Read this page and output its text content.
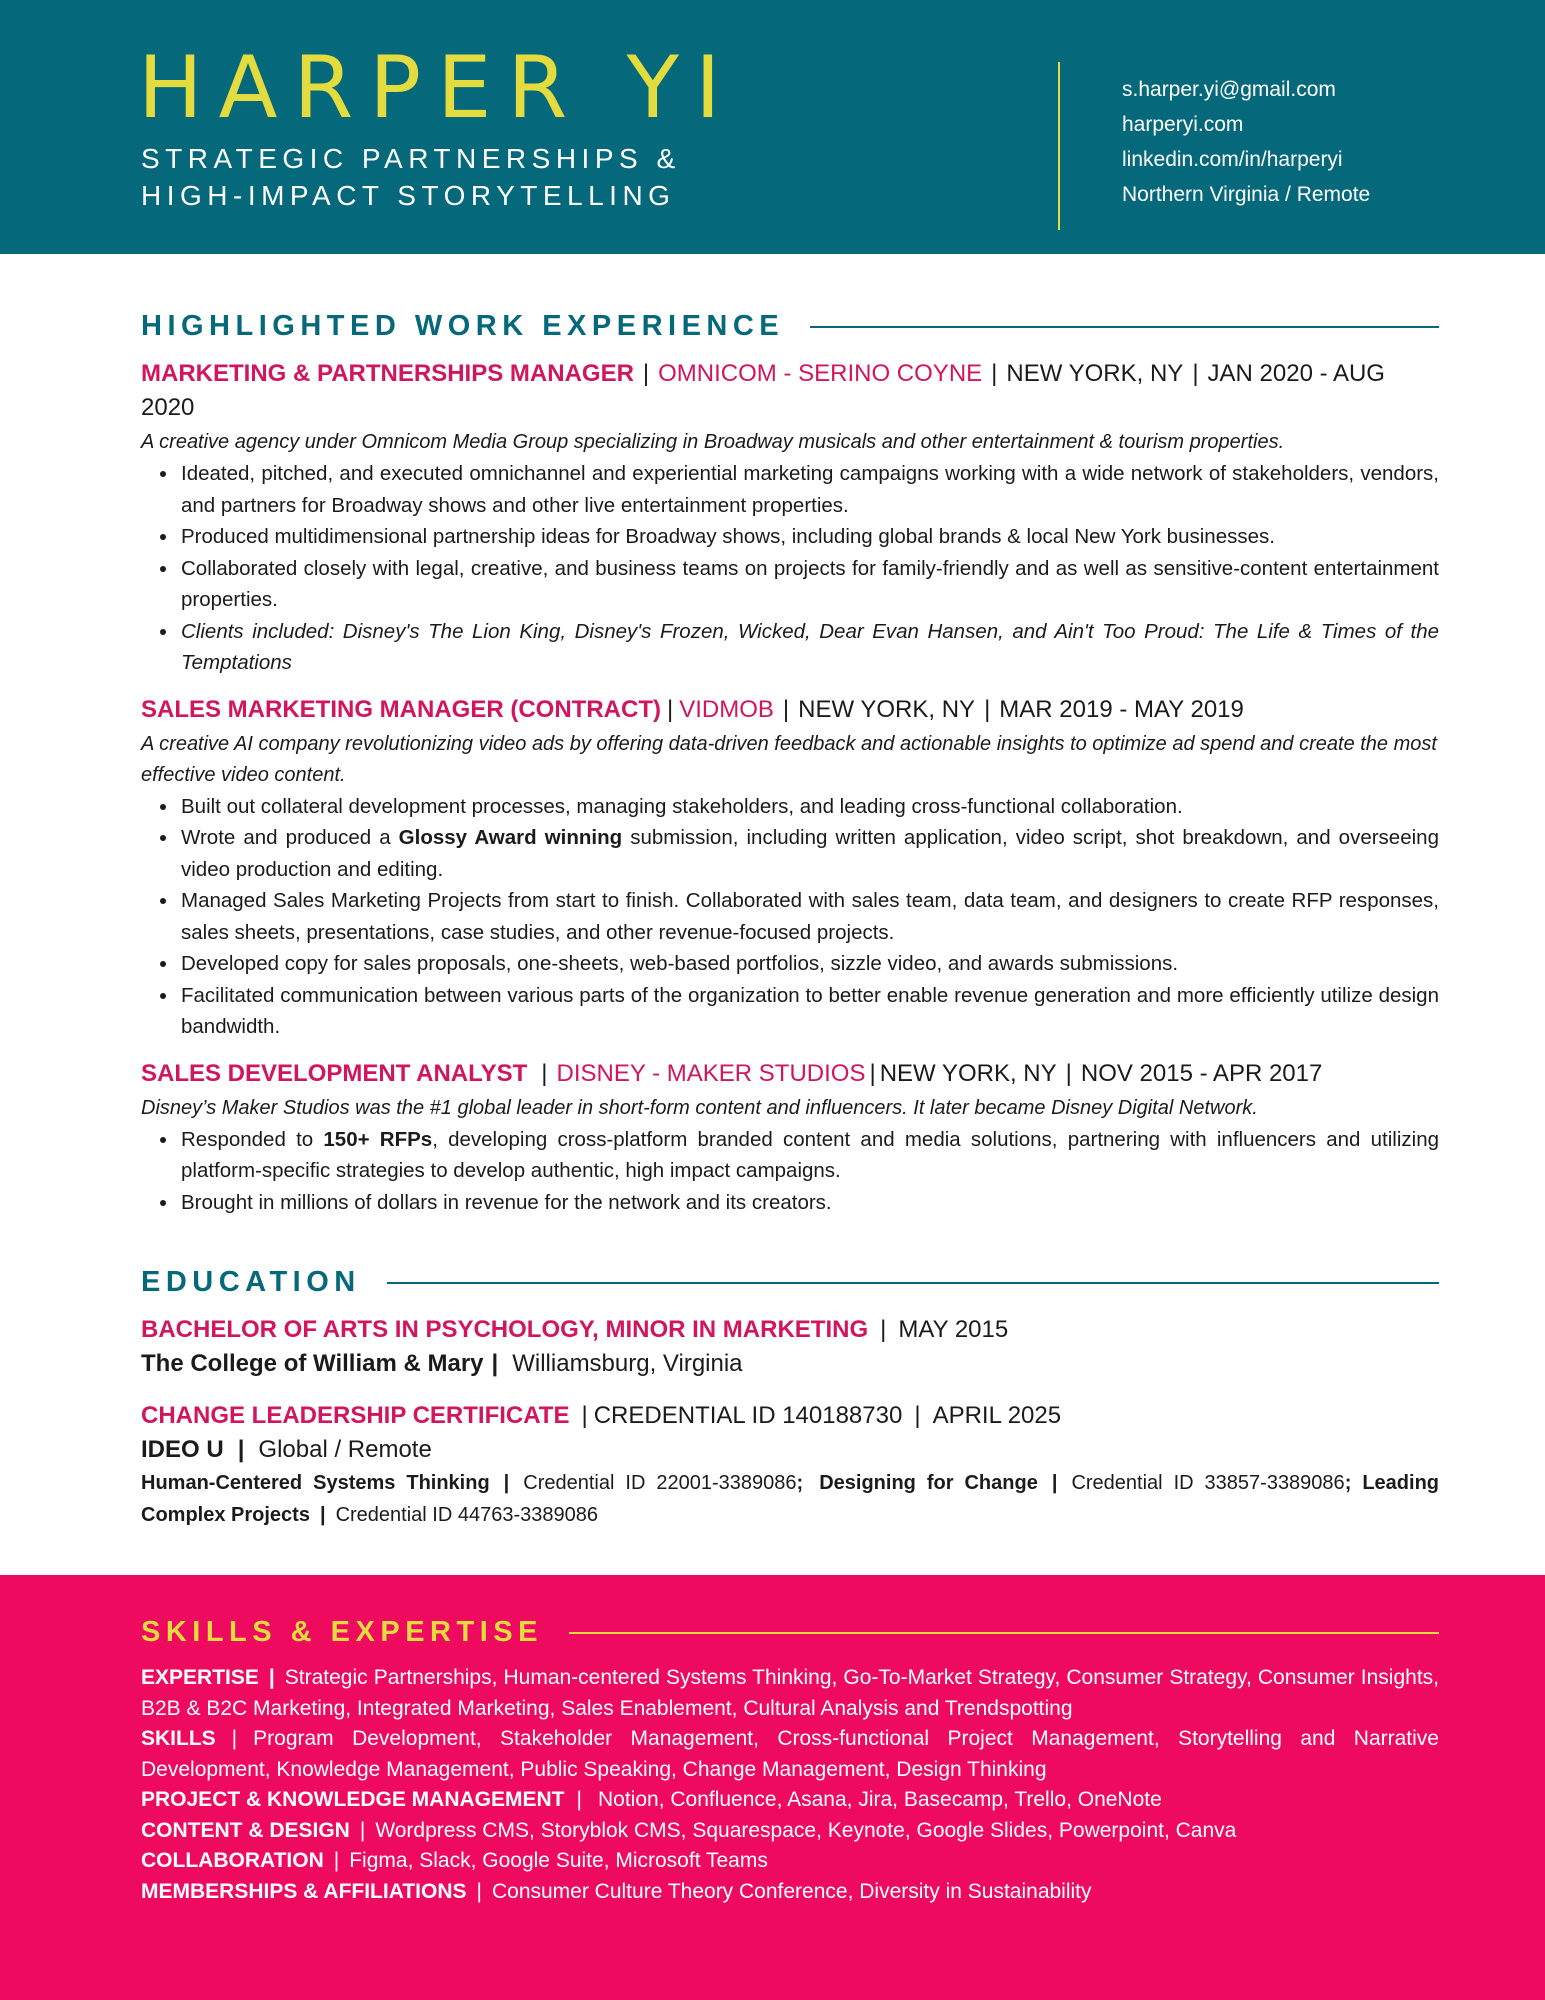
HARPER YI
STRATEGIC PARTNERSHIPS &
HIGH-IMPACT STORYTELLING
s.harper.yi@gmail.com
harperyi.com
linkedin.com/in/harperyi
Northern Virginia / Remote
HIGHLIGHTED WORK EXPERIENCE
MARKETING & PARTNERSHIPS MANAGER | OMNICOM - SERINO COYNE | NEW YORK, NY | JAN 2020 - AUG 2020
A creative agency under Omnicom Media Group specializing in Broadway musicals and other entertainment & tourism properties.
• Ideated, pitched, and executed omnichannel and experiential marketing campaigns working with a wide network of stakeholders, vendors, and partners for Broadway shows and other live entertainment properties.
• Produced multidimensional partnership ideas for Broadway shows, including global brands & local New York businesses.
• Collaborated closely with legal, creative, and business teams on projects for family-friendly and as well as sensitive-content entertainment properties.
• Clients included: Disney's The Lion King, Disney's Frozen, Wicked, Dear Evan Hansen, and Ain't Too Proud: The Life & Times of the Temptations
SALES MARKETING MANAGER (CONTRACT) | VIDMOB | NEW YORK, NY | MAR 2019 - MAY 2019
A creative AI company revolutionizing video ads by offering data-driven feedback and actionable insights to optimize ad spend and create the most effective video content.
• Built out collateral development processes, managing stakeholders, and leading cross-functional collaboration.
• Wrote and produced a Glossy Award winning submission, including written application, video script, shot breakdown, and overseeing video production and editing.
• Managed Sales Marketing Projects from start to finish. Collaborated with sales team, data team, and designers to create RFP responses, sales sheets, presentations, case studies, and other revenue-focused projects.
• Developed copy for sales proposals, one-sheets, web-based portfolios, sizzle video, and awards submissions.
• Facilitated communication between various parts of the organization to better enable revenue generation and more efficiently utilize design bandwidth.
SALES DEVELOPMENT ANALYST | DISNEY - MAKER STUDIOS | NEW YORK, NY | NOV 2015 - APR 2017
Disney’s Maker Studios was the #1 global leader in short-form content and influencers. It later became Disney Digital Network.
• Responded to 150+ RFPs, developing cross-platform branded content and media solutions, partnering with influencers and utilizing platform-specific strategies to develop authentic, high impact campaigns.
• Brought in millions of dollars in revenue for the network and its creators.
EDUCATION
BACHELOR OF ARTS IN PSYCHOLOGY, MINOR IN MARKETING | MAY 2015
The College of William & Mary | Williamsburg, Virginia
CHANGE LEADERSHIP CERTIFICATE | CREDENTIAL ID 140188730 | APRIL 2025
IDEO U | Global / Remote
Human-Centered Systems Thinking | Credential ID 22001-3389086; Designing for Change | Credential ID 33857-3389086; Leading Complex Projects | Credential ID 44763-3389086
SKILLS & EXPERTISE
EXPERTISE | Strategic Partnerships, Human-centered Systems Thinking, Go-To-Market Strategy, Consumer Strategy, Consumer Insights, B2B & B2C Marketing, Integrated Marketing, Sales Enablement, Cultural Analysis and Trendspotting
SKILLS | Program Development, Stakeholder Management, Cross-functional Project Management, Storytelling and Narrative Development, Knowledge Management, Public Speaking, Change Management, Design Thinking
PROJECT & KNOWLEDGE MANAGEMENT | Notion, Confluence, Asana, Jira, Basecamp, Trello, OneNote
CONTENT & DESIGN | Wordpress CMS, Storyblok CMS, Squarespace, Keynote, Google Slides, Powerpoint, Canva
COLLABORATION | Figma, Slack, Google Suite, Microsoft Teams
MEMBERSHIPS & AFFILIATIONS | Consumer Culture Theory Conference, Diversity in Sustainability
